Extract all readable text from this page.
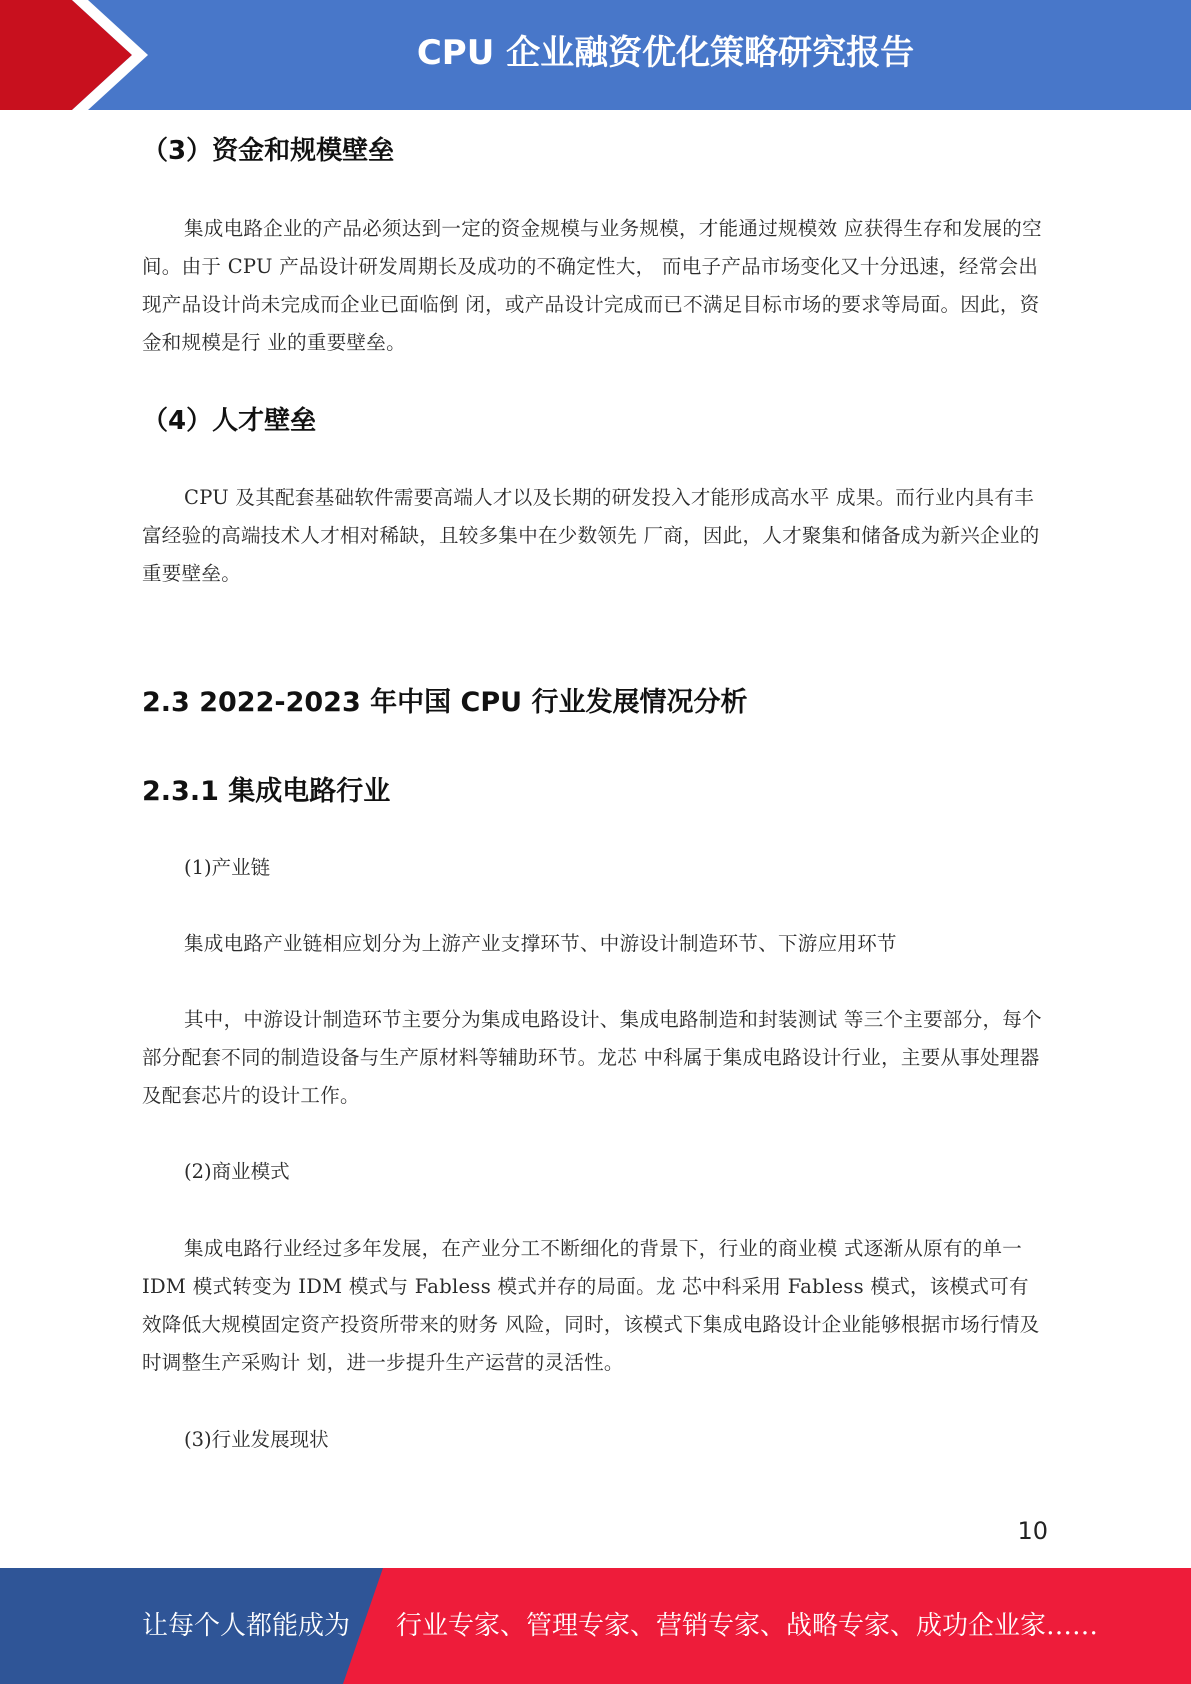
CPU 企业融资优化策略研究报告
（3）资金和规模壁垒
集成电路企业的产品必须达到一定的资金规模与业务规模，才能通过规模效 应获得生存和发展的空间。由于 CPU 产品设计研发周期长及成功的不确定性大， 而电子产品市场变化又十分迅速，经常会出现产品设计尚未完成而企业已面临倒 闭，或产品设计完成而已不满足目标市场的要求等局面。因此，资金和规模是行 业的重要壁垒。
（4）人才壁垒
CPU 及其配套基础软件需要高端人才以及长期的研发投入才能形成高水平 成果。而行业内具有丰富经验的高端技术人才相对稀缺，且较多集中在少数领先 厂商，因此，人才聚集和储备成为新兴企业的重要壁垒。
2.3 2022-2023 年中国 CPU 行业发展情况分析
2.3.1 集成电路行业
(1)产业链
集成电路产业链相应划分为上游产业支撑环节、中游设计制造环节、下游应用环节
其中，中游设计制造环节主要分为集成电路设计、集成电路制造和封装测试 等三个主要部分，每个部分配套不同的制造设备与生产原材料等辅助环节。龙芯 中科属于集成电路设计行业，主要从事处理器及配套芯片的设计工作。
(2)商业模式
集成电路行业经过多年发展，在产业分工不断细化的背景下，行业的商业模 式逐渐从原有的单一 IDM 模式转变为 IDM 模式与 Fabless 模式并存的局面。龙 芯中科采用 Fabless 模式，该模式可有效降低大规模固定资产投资所带来的财务 风险，同时，该模式下集成电路设计企业能够根据市场行情及时调整生产采购计 划，进一步提升生产运营的灵活性。
(3)行业发展现状
10
让每个人都能成为 行业专家、管理专家、营销专家、战略专家、成功企业家……
